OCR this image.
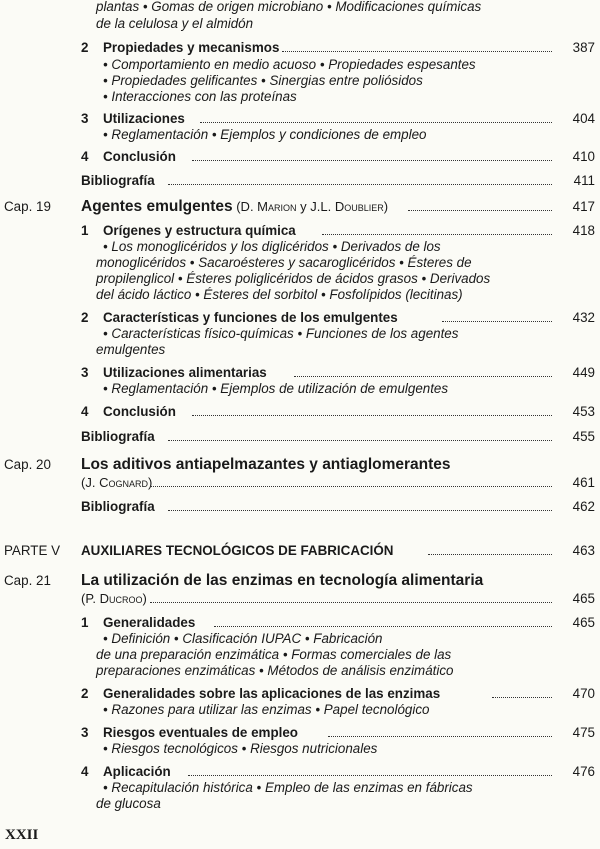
plantas • Gomas de origen microbiano • Modificaciones químicas
de la celulosa y el almidón
2 Propiedades y mecanismos	387
• Comportamiento en medio acuoso • Propiedades espesantes
• Propiedades gelificantes • Sinergias entre poliósidos
• Interacciones con las proteínas
3 Utilizaciones	404
• Reglamentación • Ejemplos y condiciones de empleo
4 Conclusión	410
Bibliografía	411
Cap. 19 Agentes emulgentes (D. Marion y J.L. Doublier)	417
1 Orígenes y estructura química	418
• Los monoglicéridos y los diglicéridos • Derivados de los
monoglicéridos • Sacaroésteres y sacaroglicéridos • Ésteres de
propilenglicol • Ésteres poliglicéridos de ácidos grasos • Derivados
del ácido láctico • Ésteres del sorbitol • Fosfolípidos (lecitinas)
2 Características y funciones de los emulgentes	432
• Características físico-químicas • Funciones de los agentes
emulgentes
3 Utilizaciones alimentarias	449
• Reglamentación • Ejemplos de utilización de emulgentes
4 Conclusión	453
Bibliografía	455
Cap. 20 Los aditivos antiapelmazantes y antiaglomerantes
(J. Cognard)	461
Bibliografía	462
PARTE V AUXILIARES TECNOLÓGICOS DE FABRICACIÓN	463
Cap. 21 La utilización de las enzimas en tecnología alimentaria
(P. Ducroo)	465
1 Generalidades	465
• Definición • Clasificación IUPAC • Fabricación
de una preparación enzimática • Formas comerciales de las
preparaciones enzimáticas • Métodos de análisis enzimático
2 Generalidades sobre las aplicaciones de las enzimas	470
• Razones para utilizar las enzimas • Papel tecnológico
3 Riesgos eventuales de empleo	475
• Riesgos tecnológicos • Riesgos nutricionales
4 Aplicación	476
• Recapitulación histórica • Empleo de las enzimas en fábricas
de glucosa
XXII
